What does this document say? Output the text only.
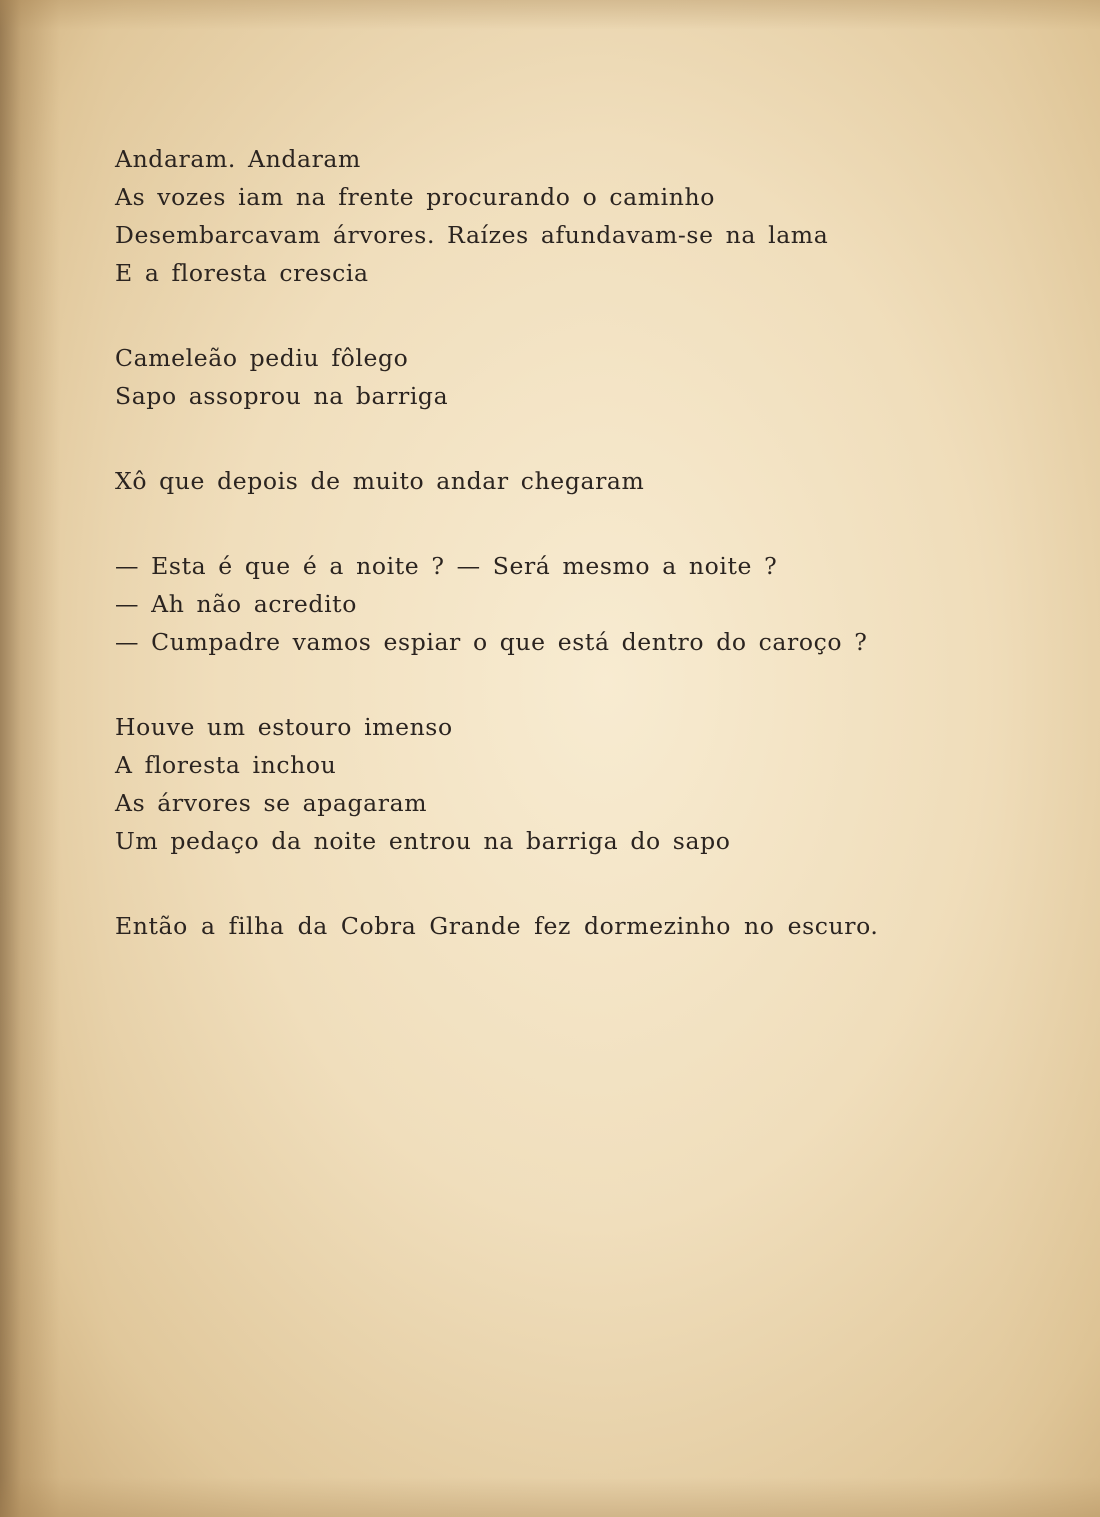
Andaram. Andaram
As vozes iam na frente procurando o caminho
Desembarcavam árvores. Raízes afundavam-se na lama
E a floresta crescia
Cameleão pediu fôlego
Sapo assoprou na barriga
Xô que depois de muito andar chegaram
— Esta é que é a noite ? — Será mesmo a noite ?
— Ah não acredito
— Cumpadre vamos espiar o que está dentro do caroço ?
Houve um estouro imenso
A floresta inchou
As árvores se apagaram
Um pedaço da noite entrou na barriga do sapo
Então a filha da Cobra Grande fez dormezinho no escuro.
